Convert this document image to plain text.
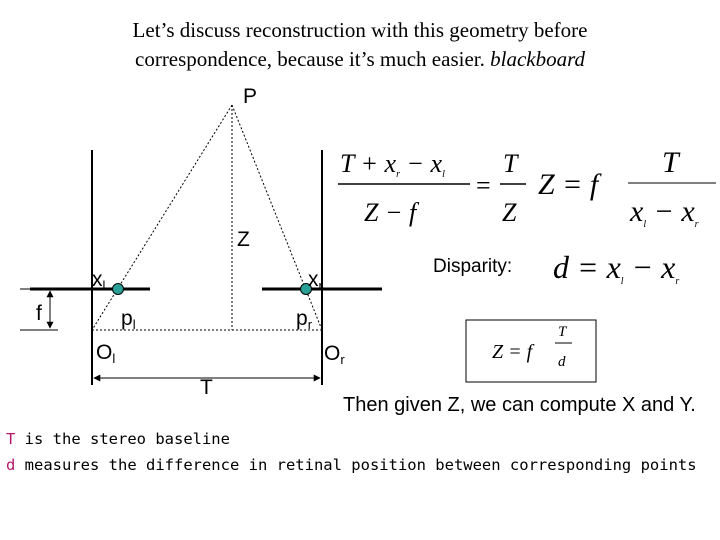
Let’s discuss reconstruction with this geometry before
correspondence, because it’s much easier. blackboard
P
Z
f
xl	xr
pl	pr
Ol	Or
T
T + xr − xl
Z − f
=
T
Z
Z = f
T
$x_l - x_r$
Disparity: d = xl − xr
Z = f
T
d
Then given Z, we can compute X and Y.
T is the stereo baseline
d measures the difference in retinal position between corresponding points
